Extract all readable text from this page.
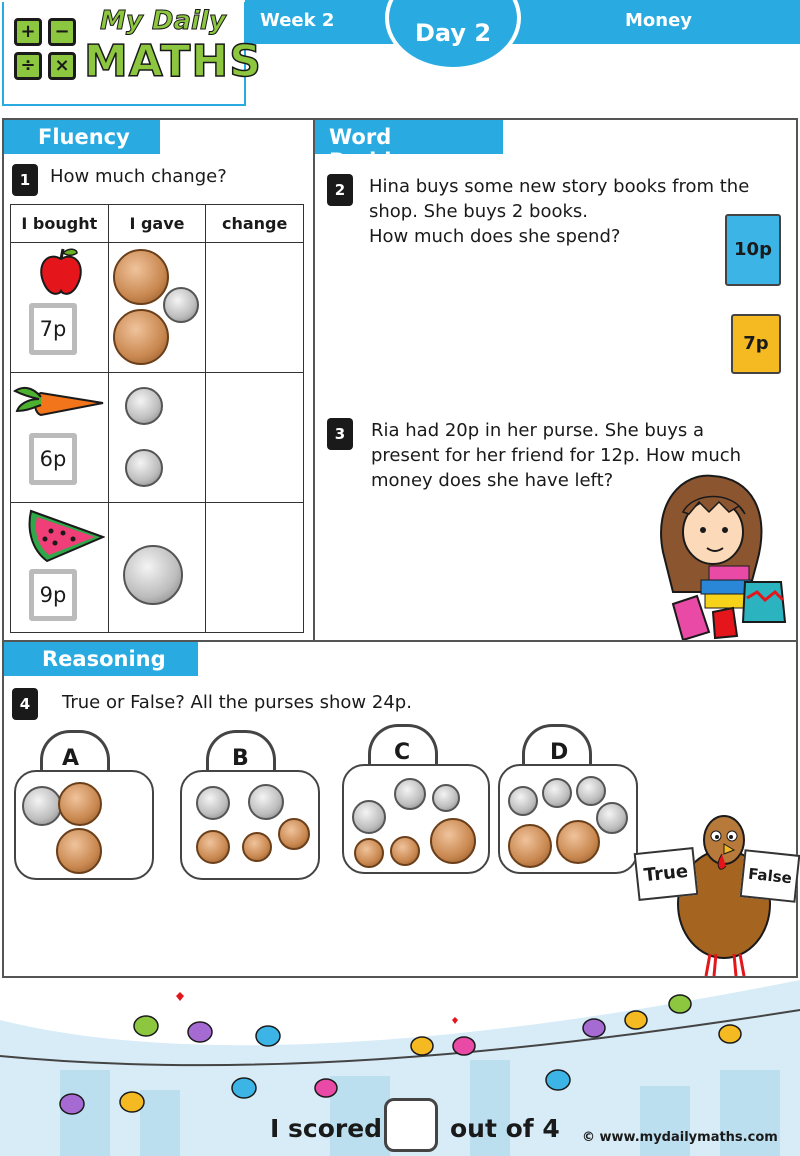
Week 2	Money
Day 2
+	−
÷	×
My Daily
MATHS
Fluency
1	How much change?
I bought	I gave	change

7p		

6p		

9p		

Word Problem
2	Hina buys some new story books from the
shop. She buys 2 books.
How much does she spend?
10p
7p
3	Ria had 20p in her purse. She buys a
present for her friend for 12p. How much
money does she have left?
Reasoning
4	True or False? All the purses show 24p.
A	B	C	D
True	False
I scored	out of 4 © www.mydailymaths.com
